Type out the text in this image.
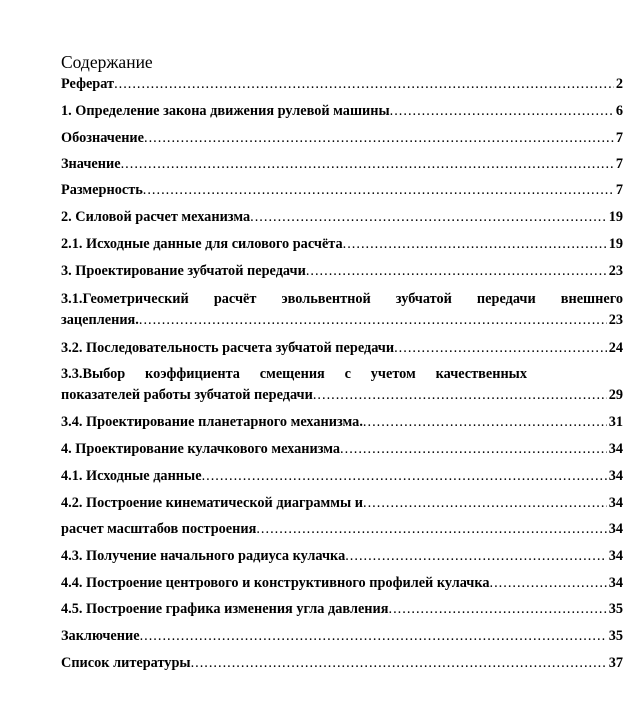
Содержание
Реферат .....	2
1. Определение закона движения рулевой машины .....	6
Обозначение .....	7
Значение .....	7
Размерность .....	7
2. Силовой расчет механизма .....	19
2.1. Исходные данные для силового расчёта .....	19
3. Проектирование зубчатой передачи .....	23
3.1.Геометрический расчёт эвольвентной зубчатой передачи внешнего
зацепления. .....	23
3.2. Последовательность расчета зубчатой передачи .....	24
3.3.Выбор коэффициента смещения с учетом качественных
показателей работы зубчатой передачи .....	29
3.4. Проектирование планетарного механизма. .....	31
4. Проектирование кулачкового механизма .....	34
4.1. Исходные данные .....	34
4.2. Построение кинематической диаграммы и .....	34
расчет масштабов построения .....	34
4.3. Получение начального радиуса кулачка .....	34
4.4. Построение центрового и конструктивного профилей кулачка .....	34
4.5. Построение графика изменения угла давления .....	35
Заключение .....	35
Список литературы .....	37
